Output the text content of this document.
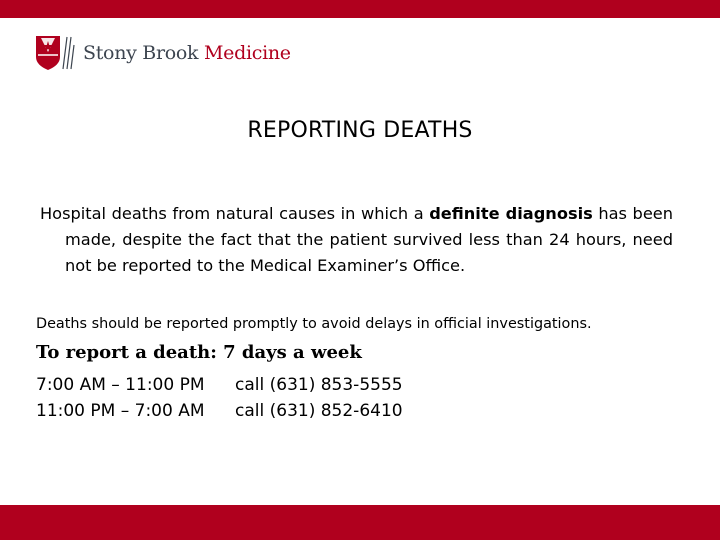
Stony Brook Medicine
REPORTING DEATHS
Hospital deaths from natural causes in which a definite diagnosis has been made, despite the fact that the patient survived less than 24 hours, need not be reported to the Medical Examiner’s Office.
Deaths should be reported promptly to avoid delays in official investigations.
To report a death: 7 days a week
7:00 AM – 11:00 PM call (631) 853-5555
11:00 PM – 7:00 AM call (631) 852-6410
